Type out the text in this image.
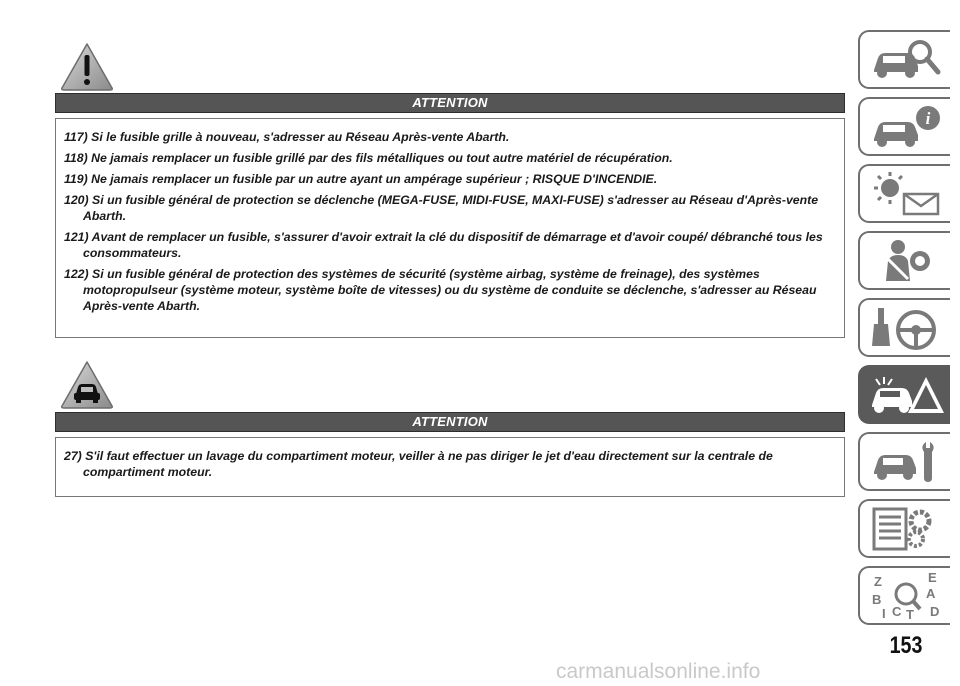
ATTENTION

117) Si le fusible grille à nouveau, s'adresser au Réseau Après-vente Abarth.

118) Ne jamais remplacer un fusible grillé par des fils métalliques ou tout autre matériel de récupération.

119) Ne jamais remplacer un fusible par un autre ayant un ampérage supérieur ; RISQUE D'INCENDIE.

120) Si un fusible général de protection se déclenche (MEGA-FUSE, MIDI-FUSE, MAXI-FUSE) s'adresser au Réseau d'Après-vente Abarth.

121) Avant de remplacer un fusible, s'assurer d'avoir extrait la clé du dispositif de démarrage et d'avoir coupé/ débranché tous les consommateurs.

122) Si un fusible général de protection des systèmes de sécurité (système airbag, système de freinage), des systèmes motopropulseur (système moteur, système boîte de vitesses) ou du système de conduite se déclenche, s'adresser au Réseau Après-vente Abarth.

ATTENTION

27) S'il faut effectuer un lavage du compartiment moteur, veiller à ne pas diriger le jet d'eau directement sur la centrale de compartiment moteur.

i
Z	E
B	A
I C T D
153
carmanualsonline.info
